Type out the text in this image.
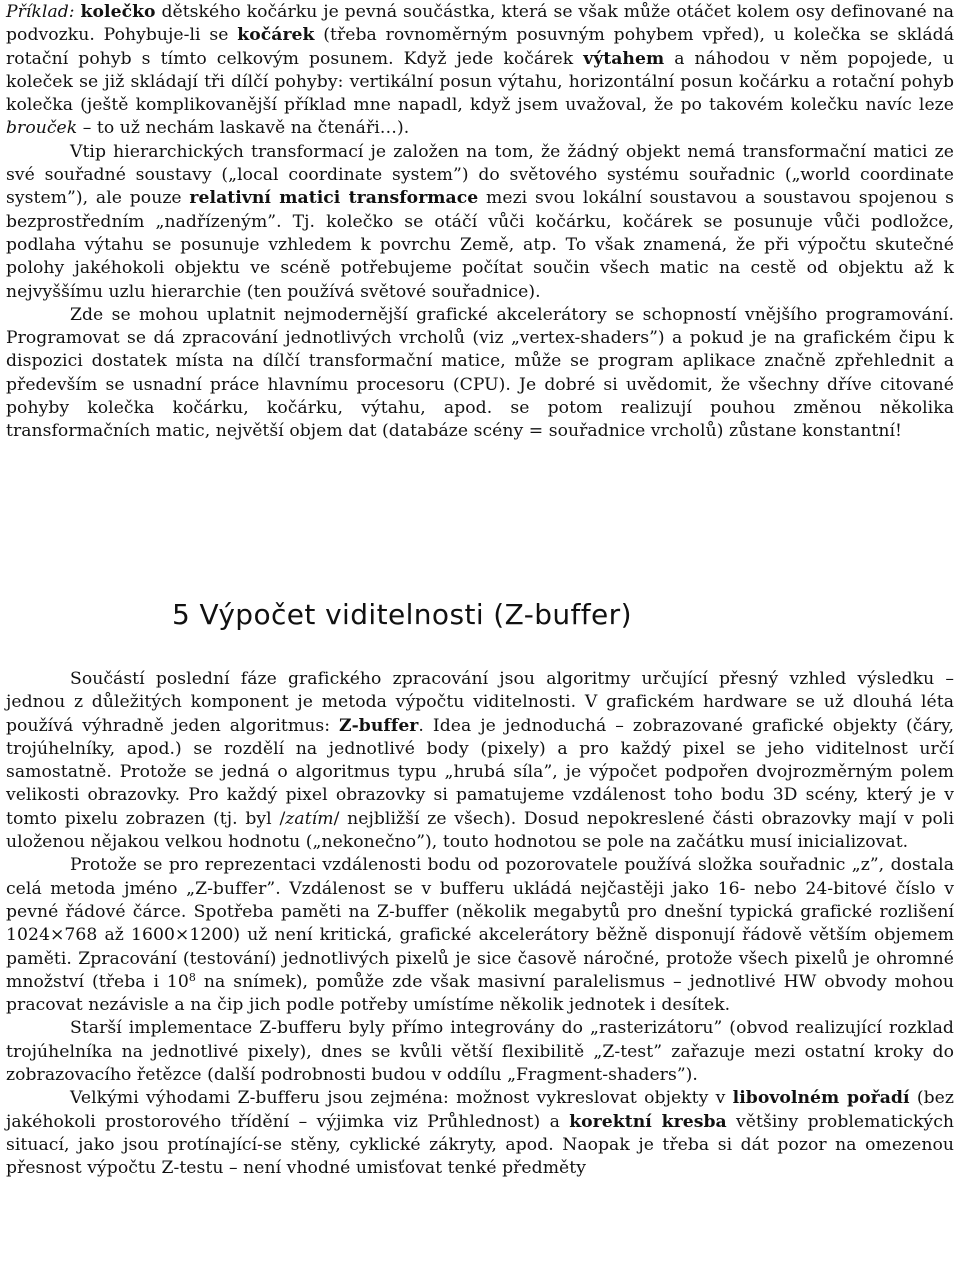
Příklad: kolečko dětského kočárku je pevná součástka, která se však může otáčet kolem osy definované na podvozku. Pohybuje-li se kočárek (třeba rovnoměrným posuvným pohybem vpřed), u kolečka se skládá rotační pohyb s tímto celkovým posunem. Když jede kočárek výtahem a náhodou v něm popojede, u koleček se již skládají tři dílčí pohyby: vertikální posun výtahu, horizontální posun kočárku a rotační pohyb kolečka (ještě komplikovanější příklad mne napadl, když jsem uvažoval, že po takovém kolečku navíc leze brouček – to už nechám laskavě na čtenáři…).

Vtip hierarchických transformací je založen na tom, že žádný objekt nemá transformační matici ze své souřadné soustavy („local coordinate system”) do světového systému souřadnic („world coordinate system”), ale pouze relativní matici transformace mezi svou lokální soustavou a soustavou spojenou s bezprostředním „nadřízeným”. Tj. kolečko se otáčí vůči kočárku, kočárek se posunuje vůči podložce, podlaha výtahu se posunuje vzhledem k povrchu Země, atp. To však znamená, že při výpočtu skutečné polohy jakéhokoli objektu ve scéně potřebujeme počítat součin všech matic na cestě od objektu až k nejvyššímu uzlu hierarchie (ten používá světové souřadnice).

Zde se mohou uplatnit nejmodernější grafické akcelerátory se schopností vnějšího programování. Programovat se dá zpracování jednotlivých vrcholů (viz „vertex-shaders”) a pokud je na grafickém čipu k dispozici dostatek místa na dílčí transformační matice, může se program aplikace značně zpřehlednit a především se usnadní práce hlavnímu procesoru (CPU). Je dobré si uvědomit, že všechny dříve citované pohyby kolečka kočárku, kočárku, výtahu, apod. se potom realizují pouhou změnou několika transformačních matic, největší objem dat (databáze scény = souřadnice vrcholů) zůstane konstantní!

5 Výpočet viditelnosti (Z-buffer)

Součástí poslední fáze grafického zpracování jsou algoritmy určující přesný vzhled výsledku – jednou z důležitých komponent je metoda výpočtu viditelnosti. V grafickém hardware se už dlouhá léta používá výhradně jeden algoritmus: Z-buffer. Idea je jednoduchá – zobrazované grafické objekty (čáry, trojúhelníky, apod.) se rozdělí na jednotlivé body (pixely) a pro každý pixel se jeho viditelnost určí samostatně. Protože se jedná o algoritmus typu „hrubá síla”, je výpočet podpořen dvojrozměrným polem velikosti obrazovky. Pro každý pixel obrazovky si pamatujeme vzdálenost toho bodu 3D scény, který je v tomto pixelu zobrazen (tj. byl /zatím/ nejbližší ze všech). Dosud nepokreslené části obrazovky mají v poli uloženou nějakou velkou hodnotu („nekonečno”), touto hodnotou se pole na začátku musí inicializovat.

Protože se pro reprezentaci vzdálenosti bodu od pozorovatele používá složka souřadnic „z”, dostala celá metoda jméno „Z-buffer”. Vzdálenost se v bufferu ukládá nejčastěji jako 16- nebo 24-bitové číslo v pevné řádové čárce. Spotřeba paměti na Z-buffer (několik megabytů pro dnešní typická grafické rozlišení 1024×768 až 1600×1200) už není kritická, grafické akcelerátory běžně disponují řádově větším objemem paměti. Zpracování (testování) jednotlivých pixelů je sice časově náročné, protože všech pixelů je ohromné množství (třeba i $10^8$ na snímek), pomůže zde však masivní paralelismus – jednotlivé HW obvody mohou pracovat nezávisle a na čip jich podle potřeby umístíme několik jednotek i desítek.

Starší implementace Z-bufferu byly přímo integrovány do „rasterizátoru” (obvod realizující rozklad trojúhelníka na jednotlivé pixely), dnes se kvůli větší flexibilitě „Z-test” zařazuje mezi ostatní kroky do zobrazovacího řetězce (další podrobnosti budou v oddílu „Fragment-shaders”).

Velkými výhodami Z-bufferu jsou zejména: možnost vykreslovat objekty v libovolném pořadí (bez jakéhokoli prostorového třídění – výjimka viz Průhlednost) a korektní kresba většiny problematických situací, jako jsou protínající-se stěny, cyklické zákryty, apod. Naopak je třeba si dát pozor na omezenou přesnost výpočtu Z-testu – není vhodné umisťovat tenké předměty
